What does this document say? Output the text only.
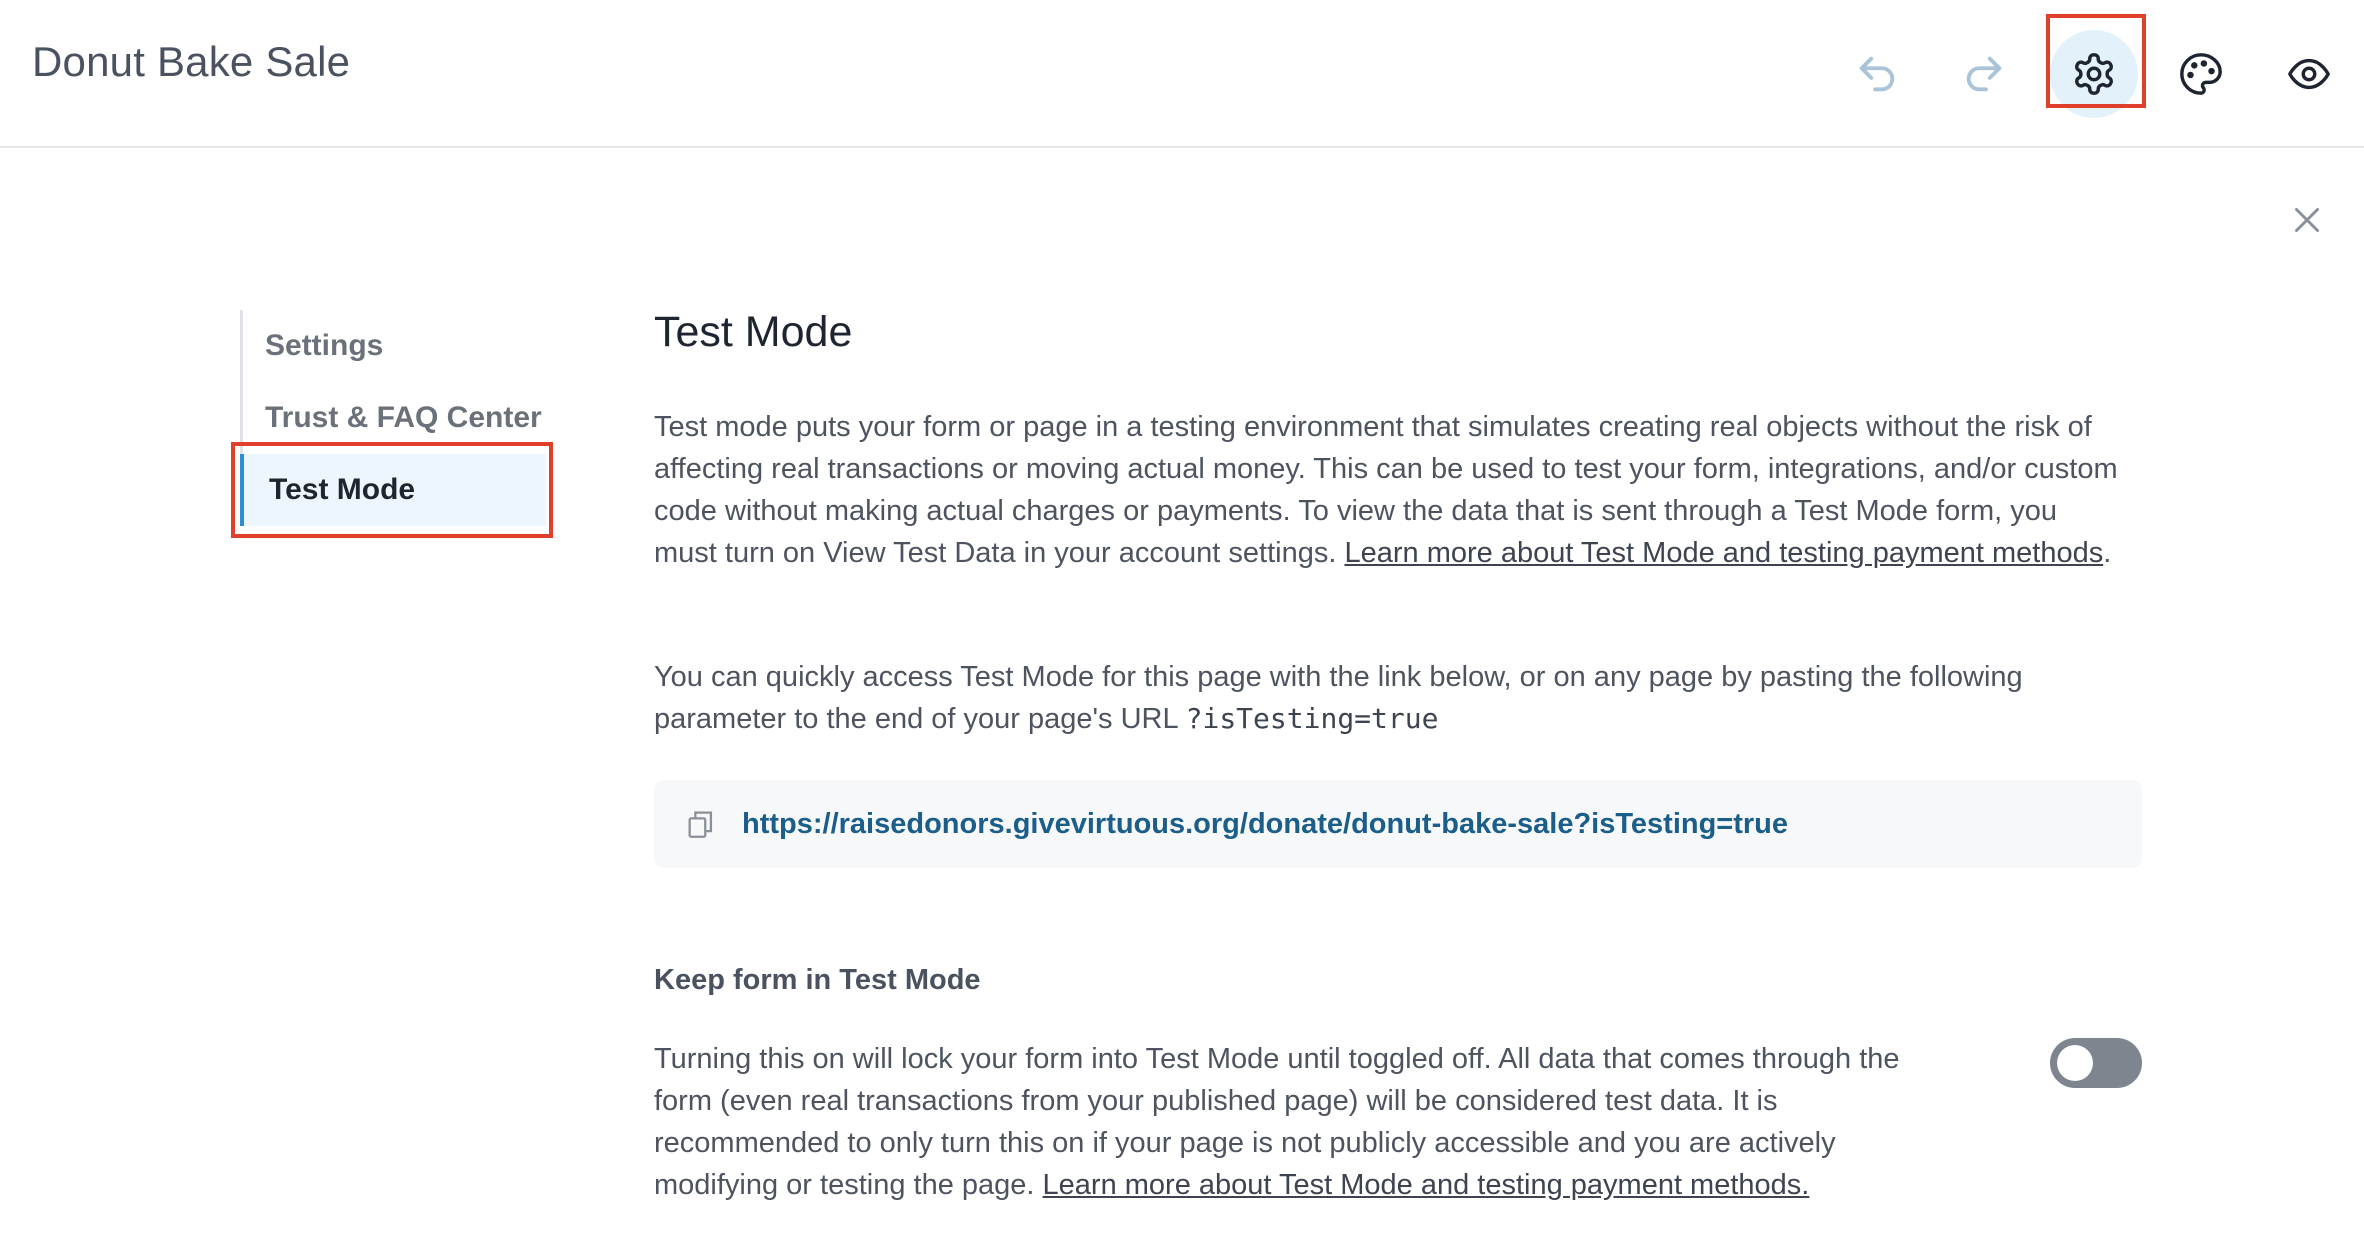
Donut Bake Sale
Settings
Trust & FAQ Center
Test Mode
Test Mode

Test mode puts your form or page in a testing environment that simulates creating real objects without the risk of affecting real transactions or moving actual money. This can be used to test your form, integrations, and/or custom code without making actual charges or payments. To view the data that is sent through a Test Mode form, you must turn on View Test Data in your account settings. Learn more about Test Mode and testing payment methods.

You can quickly access Test Mode for this page with the link below, or on any page by pasting the following parameter to the end of your page's URL ?isTesting=true

https://raisedonors.givevirtuous.org/donate/donut-bake-sale?isTesting=true
Keep form in Test Mode

Turning this on will lock your form into Test Mode until toggled off. All data that comes through the form (even real transactions from your published page) will be considered test data. It is recommended to only turn this on if your page is not publicly accessible and you are actively modifying or testing the page. Learn more about Test Mode and testing payment methods.
